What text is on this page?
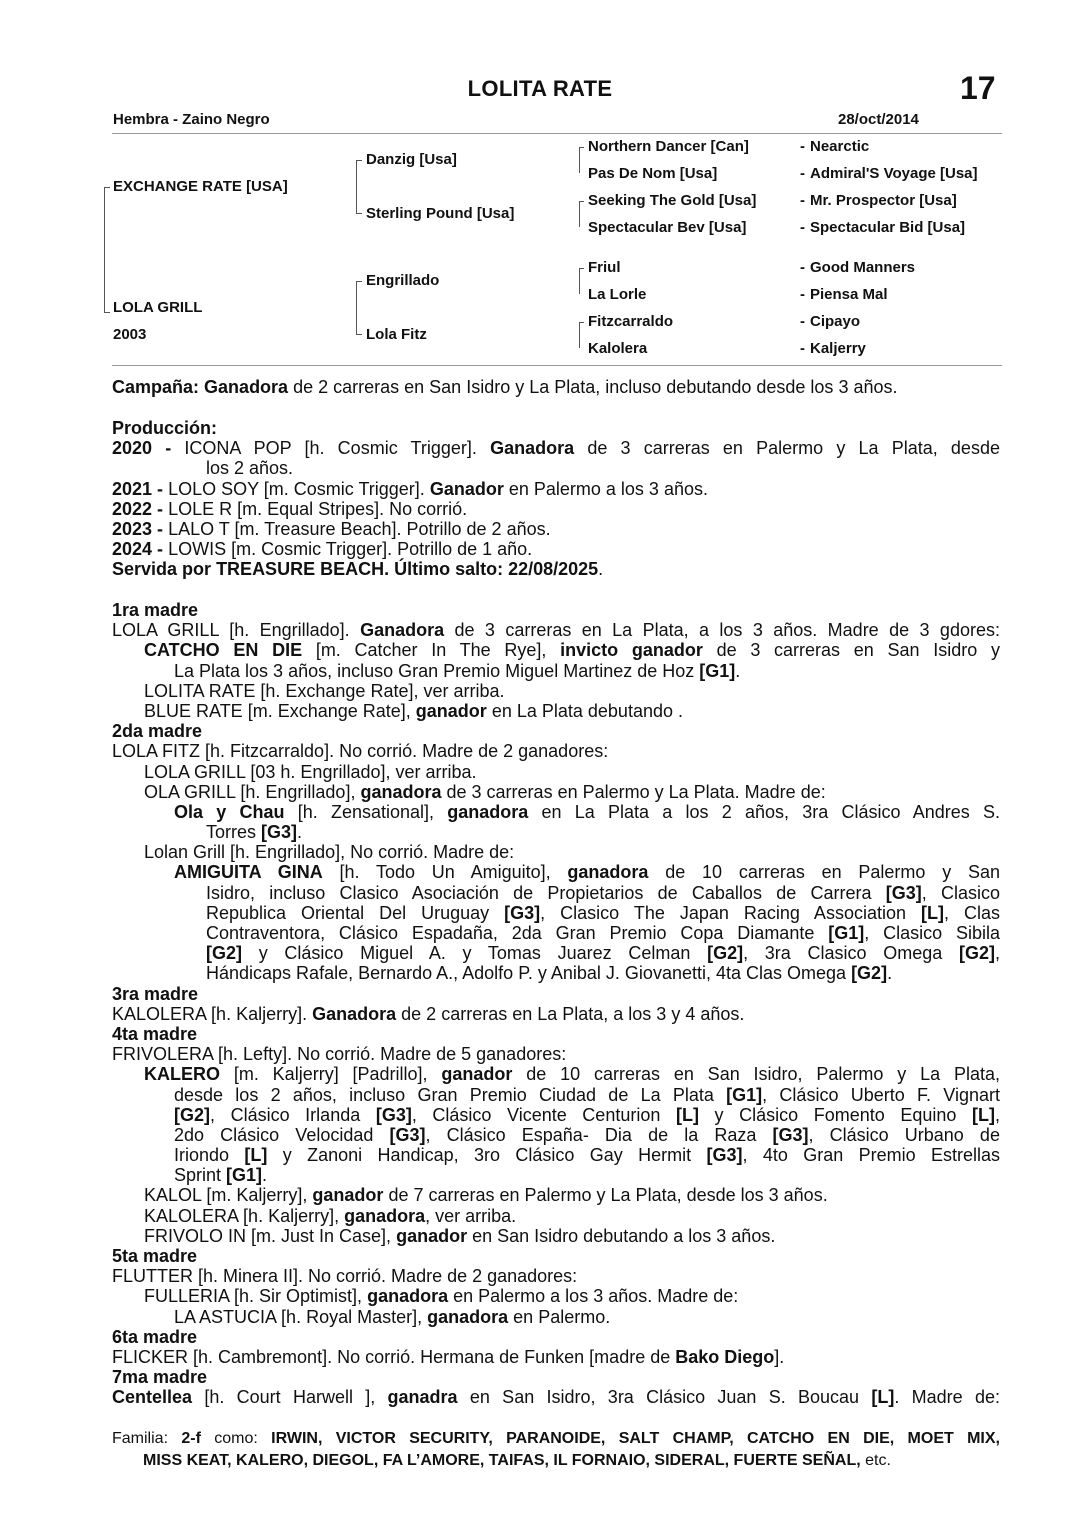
LOLITA RATE	17
Hembra - Zaino Negro	28/oct/2014
EXCHANGE RATE [USA]
LOLA GRILL
2003
Danzig [Usa]
Sterling Pound [Usa]
Engrillado
Lola Fitz
Northern Dancer [Can]
Pas De Nom [Usa]
Seeking The Gold [Usa]
Spectacular Bev [Usa]
Friul
La Lorle
Fitzcarraldo
Kalolera
-
-
-
-
-
-
-
-
Nearctic
Admiral'S Voyage [Usa]
Mr. Prospector [Usa]
Spectacular Bid [Usa]
Good Manners
Piensa Mal
Cipayo
Kaljerry
Campaña: Ganadora de 2 carreras en San Isidro y La Plata, incluso debutando desde los 3 años.
Producción:
2020 - ICONA POP [h. Cosmic Trigger]. Ganadora de 3 carreras en Palermo y La Plata, desde
los 2 años.
2021 - LOLO SOY [m. Cosmic Trigger]. Ganador en Palermo a los 3 años.
2022 - LOLE R [m. Equal Stripes]. No corrió.
2023 - LALO T [m. Treasure Beach]. Potrillo de 2 años.
2024 - LOWIS [m. Cosmic Trigger]. Potrillo de 1 año.
Servida por TREASURE BEACH. Último salto: 22/08/2025.
1ra madre
LOLA GRILL [h. Engrillado]. Ganadora de 3 carreras en La Plata, a los 3 años. Madre de 3 gdores:
CATCHO EN DIE [m. Catcher In The Rye], invicto ganador de 3 carreras en San Isidro y
La Plata los 3 años, incluso Gran Premio Miguel Martinez de Hoz [G1].
LOLITA RATE [h. Exchange Rate], ver arriba.
BLUE RATE [m. Exchange Rate], ganador en La Plata debutando .
2da madre
LOLA FITZ [h. Fitzcarraldo]. No corrió. Madre de 2 ganadores:
LOLA GRILL [03 h. Engrillado], ver arriba.
OLA GRILL [h. Engrillado], ganadora de 3 carreras en Palermo y La Plata. Madre de:
Ola y Chau [h. Zensational], ganadora en La Plata a los 2 años, 3ra Clásico Andres S.
Torres [G3].
Lolan Grill [h. Engrillado], No corrió. Madre de:
AMIGUITA GINA [h. Todo Un Amiguito], ganadora de 10 carreras en Palermo y San
Isidro, incluso Clasico Asociación de Propietarios de Caballos de Carrera [G3], Clasico
Republica Oriental Del Uruguay [G3], Clasico The Japan Racing Association [L], Clas
Contraventora, Clásico Espadaña, 2da Gran Premio Copa Diamante [G1], Clasico Sibila
[G2] y Clásico Miguel A. y Tomas Juarez Celman [G2], 3ra Clasico Omega [G2],
Hándicaps Rafale, Bernardo A., Adolfo P. y Anibal J. Giovanetti, 4ta Clas Omega [G2].
3ra madre
KALOLERA [h. Kaljerry]. Ganadora de 2 carreras en La Plata, a los 3 y 4 años.
4ta madre
FRIVOLERA [h. Lefty]. No corrió. Madre de 5 ganadores:
KALERO [m. Kaljerry] [Padrillo], ganador de 10 carreras en San Isidro, Palermo y La Plata,
desde los 2 años, incluso Gran Premio Ciudad de La Plata [G1], Clásico Uberto F. Vignart
[G2], Clásico Irlanda [G3], Clásico Vicente Centurion [L] y Clásico Fomento Equino [L],
2do Clásico Velocidad [G3], Clásico España- Dia de la Raza [G3], Clásico Urbano de
Iriondo [L] y Zanoni Handicap, 3ro Clásico Gay Hermit [G3], 4to Gran Premio Estrellas
Sprint [G1].
KALOL [m. Kaljerry], ganador de 7 carreras en Palermo y La Plata, desde los 3 años.
KALOLERA [h. Kaljerry], ganadora, ver arriba.
FRIVOLO IN [m. Just In Case], ganador en San Isidro debutando a los 3 años.
5ta madre
FLUTTER [h. Minera II]. No corrió. Madre de 2 ganadores:
FULLERIA [h. Sir Optimist], ganadora en Palermo a los 3 años. Madre de:
LA ASTUCIA [h. Royal Master], ganadora en Palermo.
6ta madre
FLICKER [h. Cambremont]. No corrió. Hermana de Funken [madre de Bako Diego].
7ma madre
Centellea [h. Court Harwell ], ganadra en San Isidro, 3ra Clásico Juan S. Boucau [L]. Madre de:
Familia: 2-f como: IRWIN, VICTOR SECURITY, PARANOIDE, SALT CHAMP, CATCHO EN DIE, MOET MIX,
MISS KEAT, KALERO, DIEGOL, FA L’AMORE, TAIFAS, IL FORNAIO, SIDERAL, FUERTE SEÑAL, etc.
